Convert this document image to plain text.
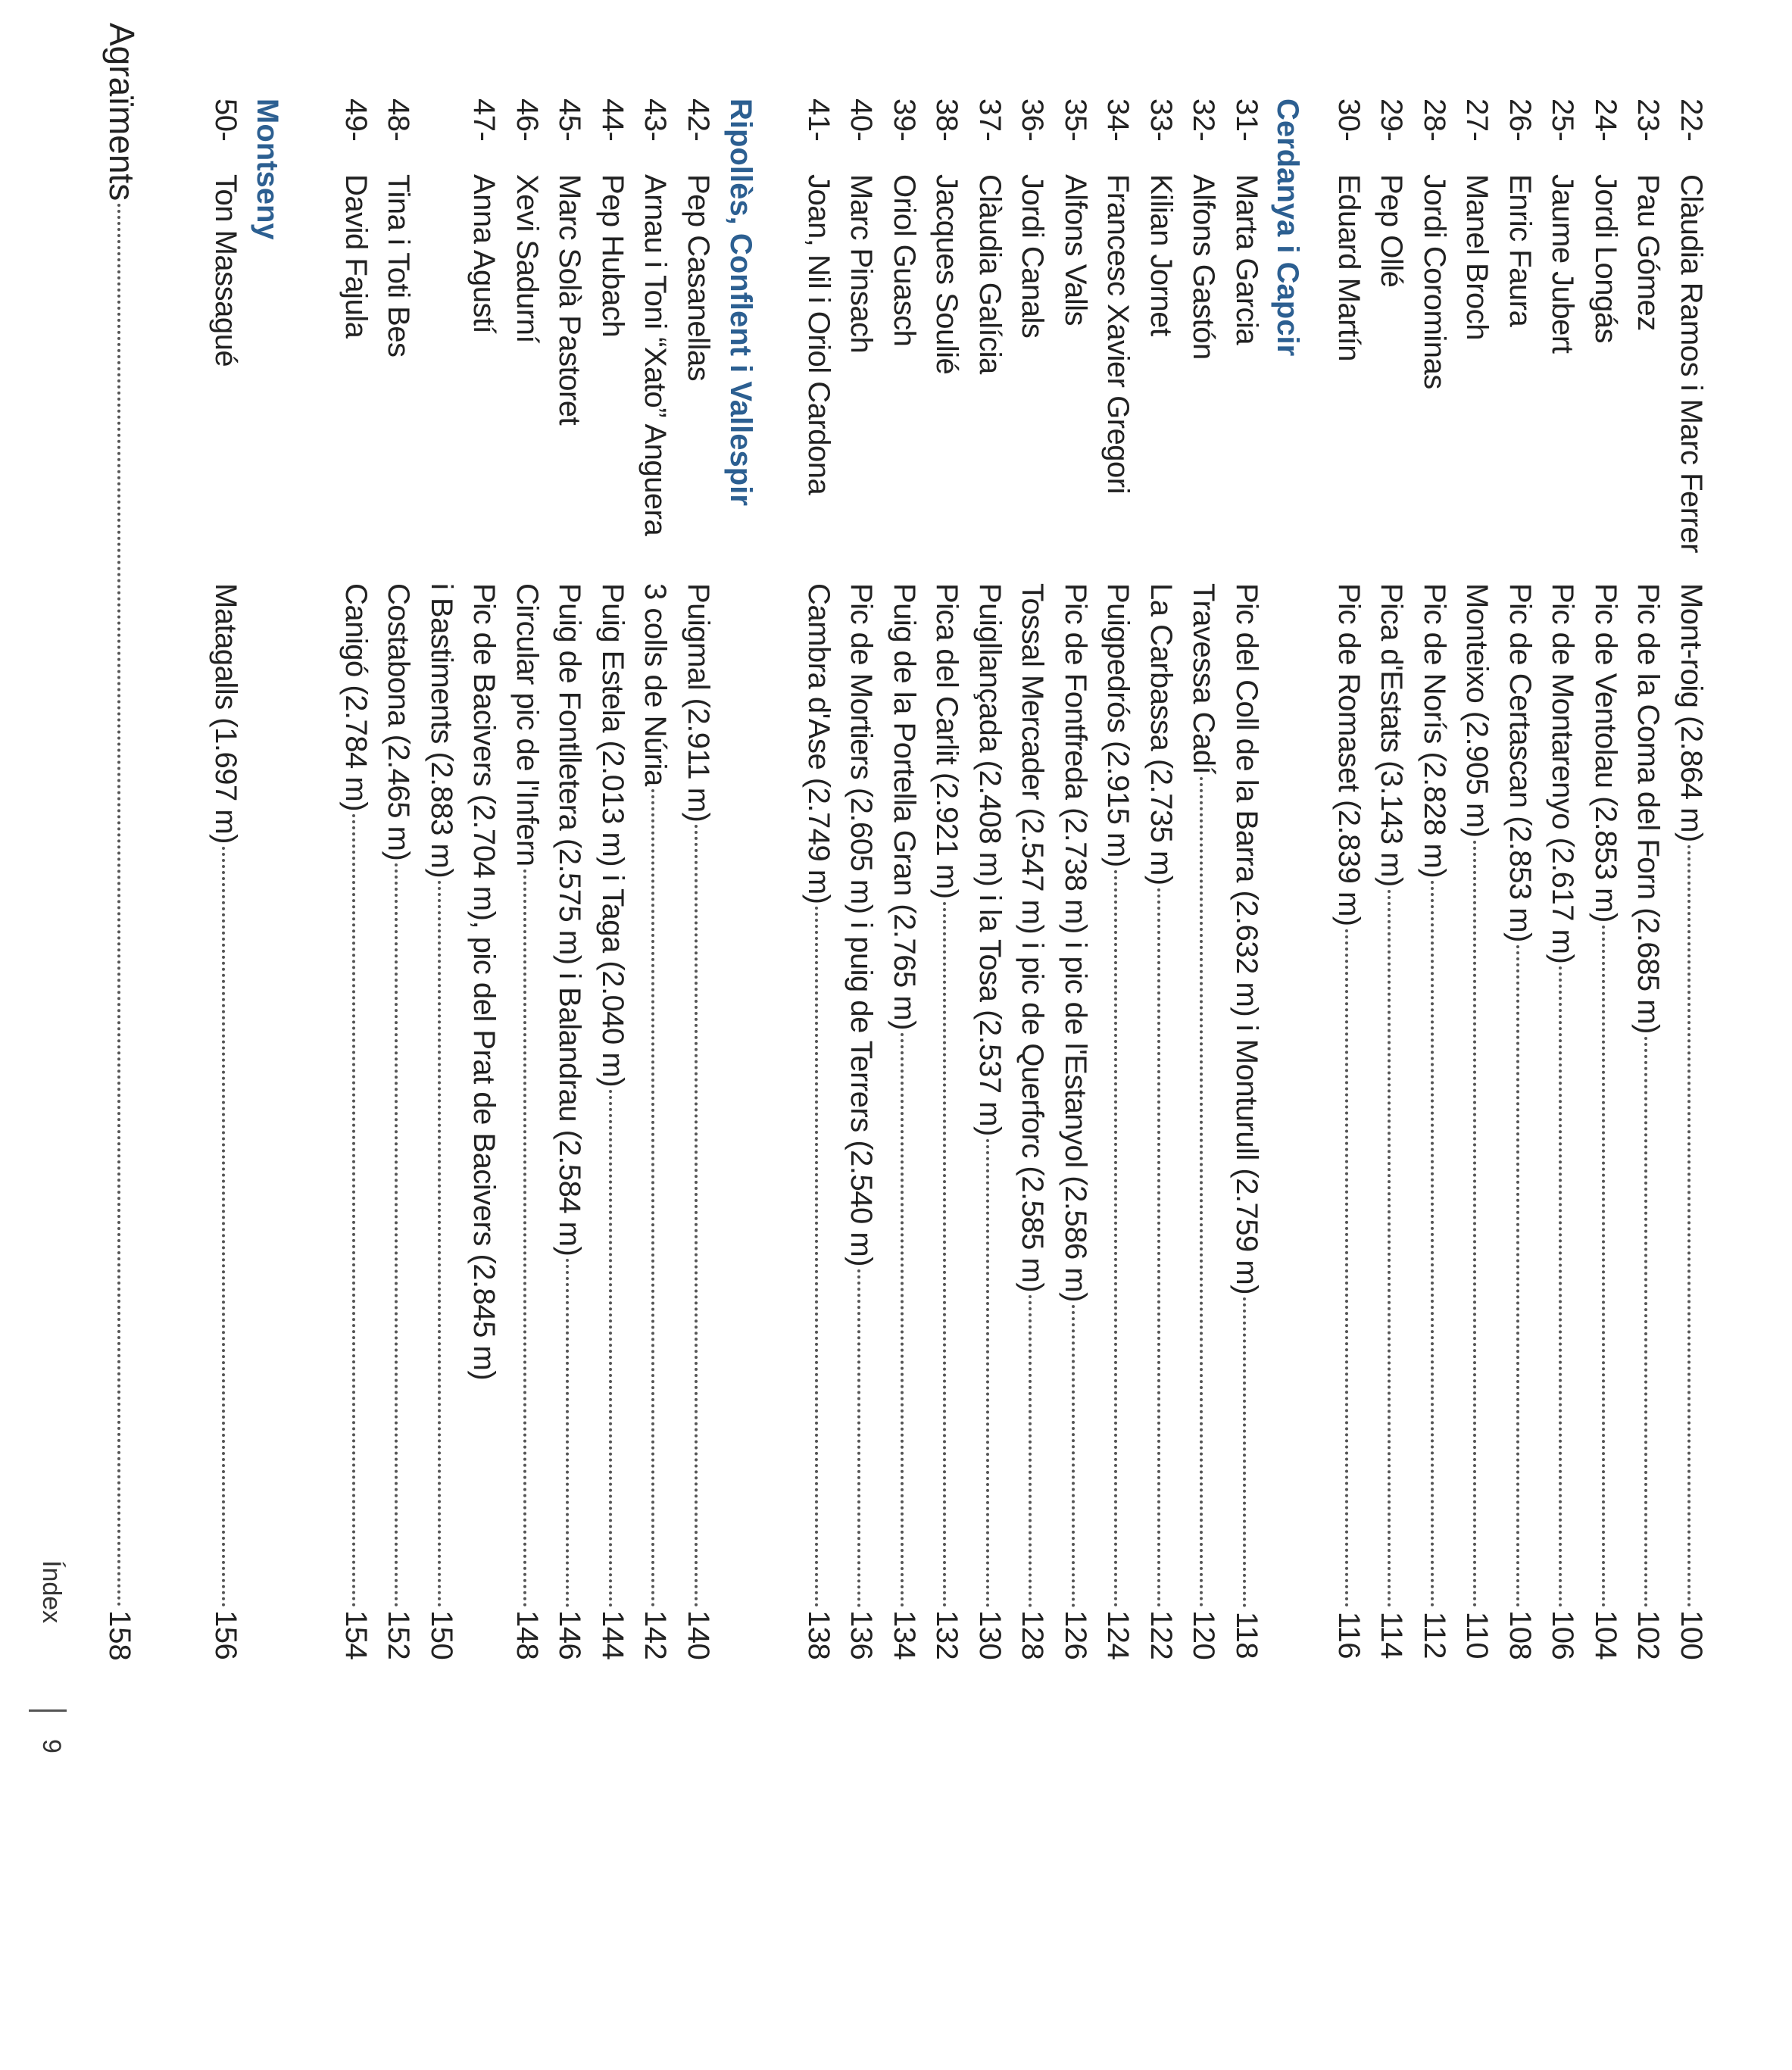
22-
Clàudia Ramos i Marc Ferrer
Mont-roig (2.864 m)
100
23-
Pau Gómez
Pic de la Coma del Forn (2.685 m)
102
24-
Jordi Longás
Pic de Ventolau (2.853 m)
104
25-
Jaume Jubert
Pic de Montarenyo (2.617 m)
106
26-
Enric Faura
Pic de Certascan (2.853 m)
108
27-
Manel Broch
Monteixo (2.905 m)
110
28-
Jordi Corominas
Pic de Norís (2.828 m)
112
29-
Pep Ollé
Pica d'Estats (3.143 m)
114
30-
Eduard Martín
Pic de Romaset (2.839 m)
116
Cerdanya i Capcir
31-
Marta Garcia
Pic del Coll de la Barra (2.632 m) i Monturull (2.759 m)
118
32-
Alfons Gastón
Travessa Cadí
120
33-
Kilian Jornet
La Carbassa (2.735 m)
122
34-
Francesc Xavier Gregori
Puigpedrós (2.915 m)
124
35-
Alfons Valls
Pic de Fontfreda (2.738 m) i pic de l'Estanyol (2.586 m)
126
36-
Jordi Canals
Tossal Mercader (2.547 m) i pic de Querforc (2.585 m)
128
37-
Clàudia Galícia
Puigllançada (2.408 m) i la Tosa (2.537 m)
130
38-
Jacques Soulié
Pica del Carlit (2.921 m)
132
39-
Oriol Guasch
Puig de la Portella Gran (2.765 m)
134
40-
Marc Pinsach
Pic de Mortiers (2.605 m) i puig de Terrers (2.540 m)
136
41-
Joan, Nil i Oriol Cardona
Cambra d'Ase (2.749 m)
138
Ripollès, Conflent i Vallespir
42-
Pep Casanellas
Puigmal (2.911 m)
140
43-
Arnau i Toni “Xato” Anguera
3 colls de Núria
142
44-
Pep Hubach
Puig Estela (2.013 m) i Taga (2.040 m)
144
45-
Marc Solà Pastoret
Puig de Fontlletera (2.575 m) i Balandrau (2.584 m)
146
46-
Xevi Sadurní
Circular pic de l'Infern
148
47-
Anna Agustí
Pic de Bacivers (2.704 m), pic del Prat de Bacivers (2.845 m)
i Bastiments (2.883 m)
150
48-
Tina i Toti Bes
Costabona (2.465 m)
152
49-
David Fajula
Canigó (2.784 m)
154
Montseny
50-
Ton Massagué
Matagalls (1.697 m)
156
Agraïments
158
Índex
9
